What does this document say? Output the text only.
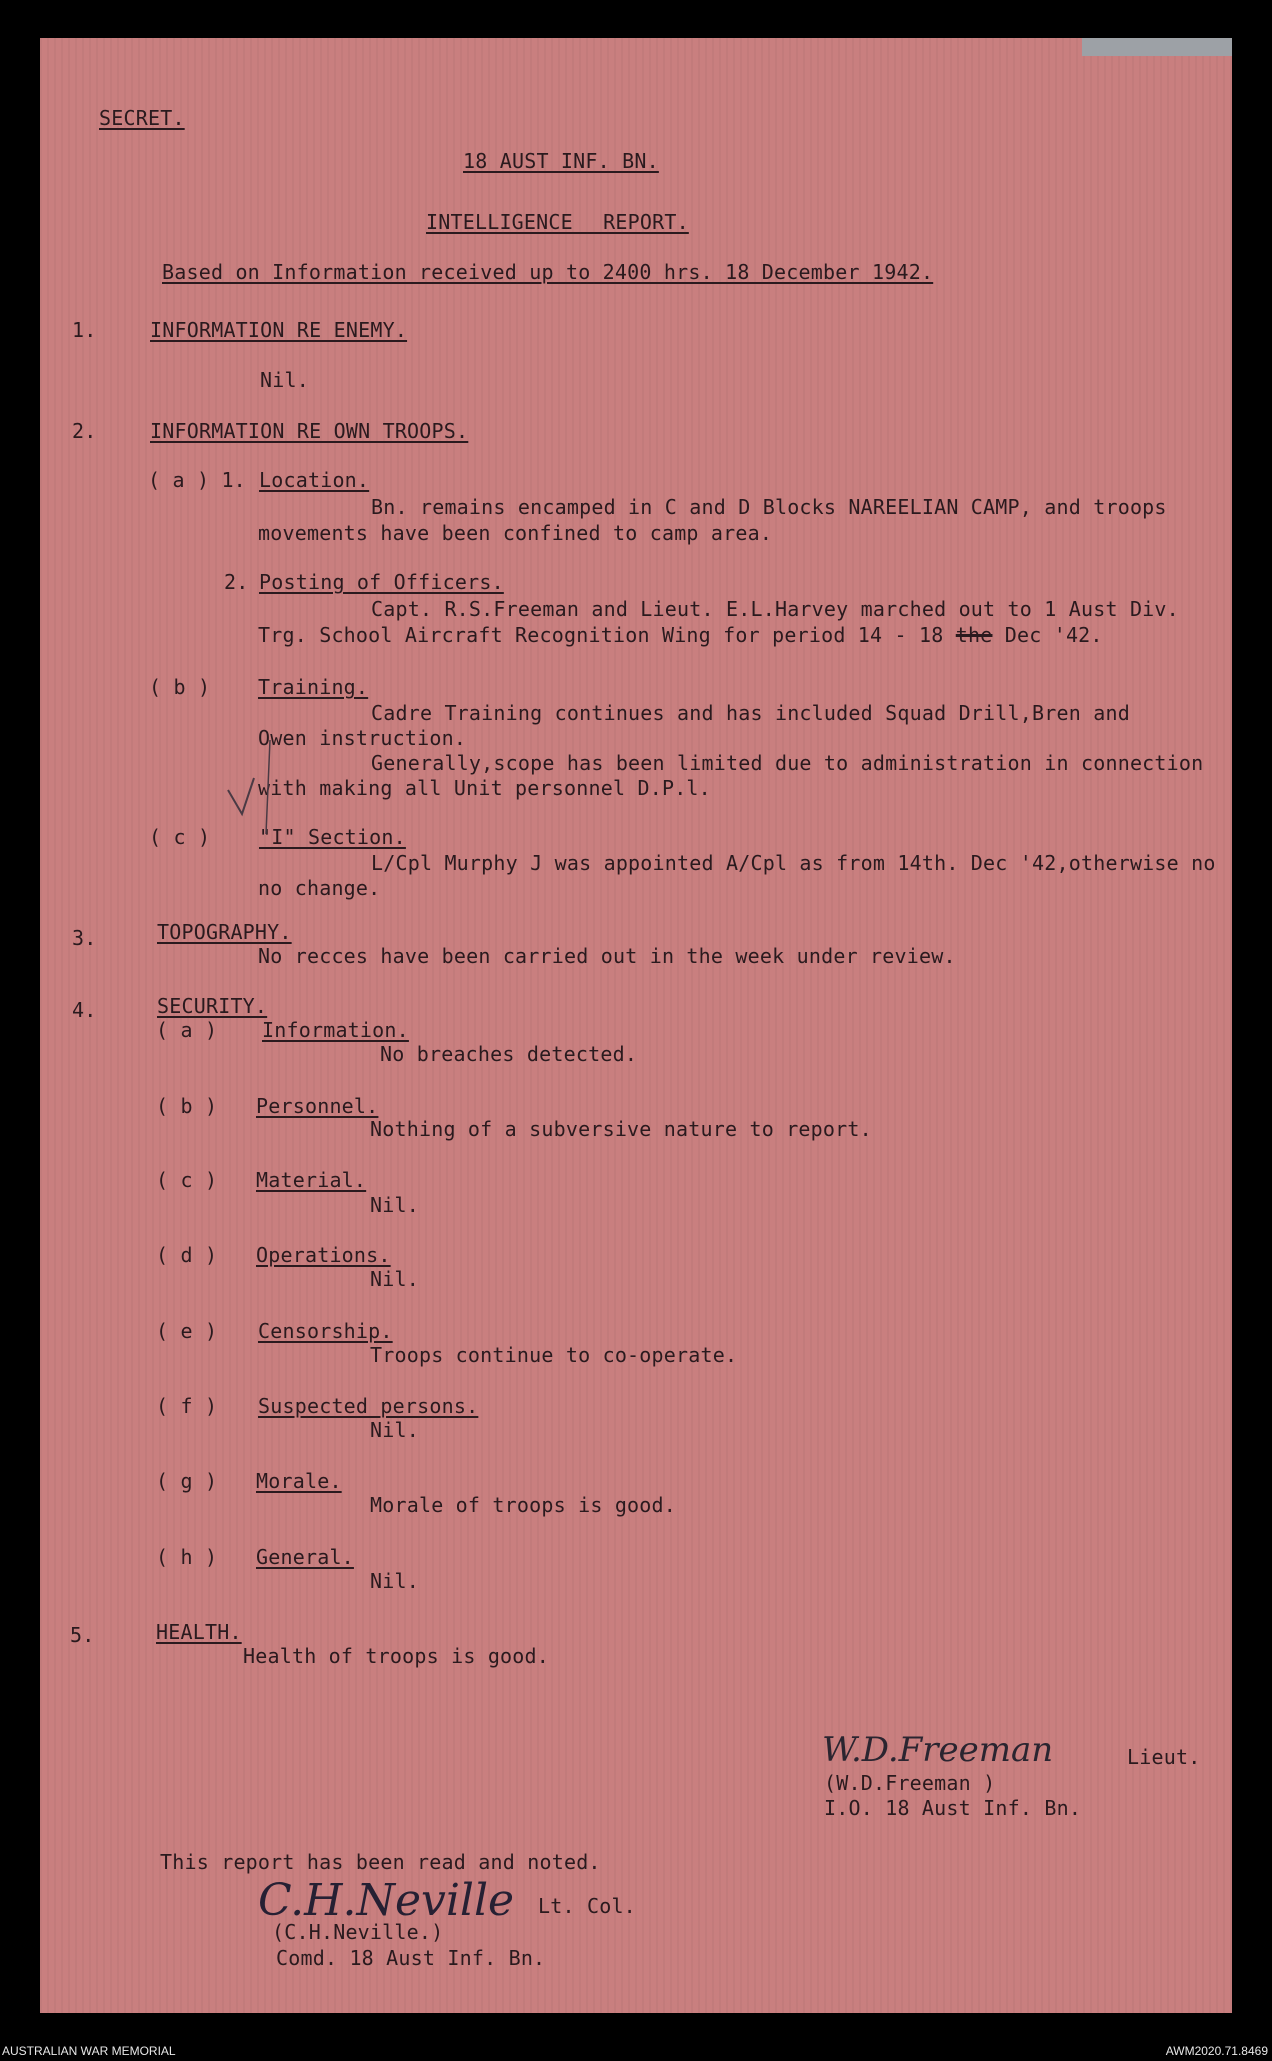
SECRET.
18 AUST INF. BN.
INTELLIGENCE REPORT.
Based on Information received up to 2400 hrs. 18 December 1942.
1.	INFORMATION RE ENEMY.
Nil.
2.	INFORMATION RE OWN TROOPS.
( a ) 1. Location.
Bn. remains encamped in C and D Blocks NAREELIAN CAMP, and troops
movements have been confined to camp area.
2. Posting of Officers.
Capt. R.S.Freeman and Lieut. E.L.Harvey marched out to 1 Aust Div.
Trg. School Aircraft Recognition Wing for period 14 - 18 the Dec '42.
( b ) Training.
Cadre Training continues and has included Squad Drill,Bren and
Owen instruction.
Generally,scope has been limited due to administration in connection
with making all Unit personnel D.P.l.
( c ) "I" Section.
L/Cpl Murphy J was appointed A/Cpl as from 14th. Dec '42,otherwise no
no change.
3.	TOPOGRAPHY.
No recces have been carried out in the week under review.
4.	SECURITY.
( a ) Information.
No breaches detected.
( b ) Personnel.
Nothing of a subversive nature to report.
( c ) Material.
Nil.
( d ) Operations.
Nil.
( e ) Censorship.
Troops continue to co-operate.
( f ) Suspected persons.
Nil.
( g ) Morale.
Morale of troops is good.
( h ) General.
Nil.
5.	HEALTH.
Health of troops is good.
W.D.Freeman	Lieut.
(W.D.Freeman )
I.O. 18 Aust Inf. Bn.
This report has been read and noted.
C.H.Neville Lt. Col.
(C.H.Neville.)
Comd. 18 Aust Inf. Bn.
AUSTRALIAN WAR MEMORIAL	AWM2020.71.8469
